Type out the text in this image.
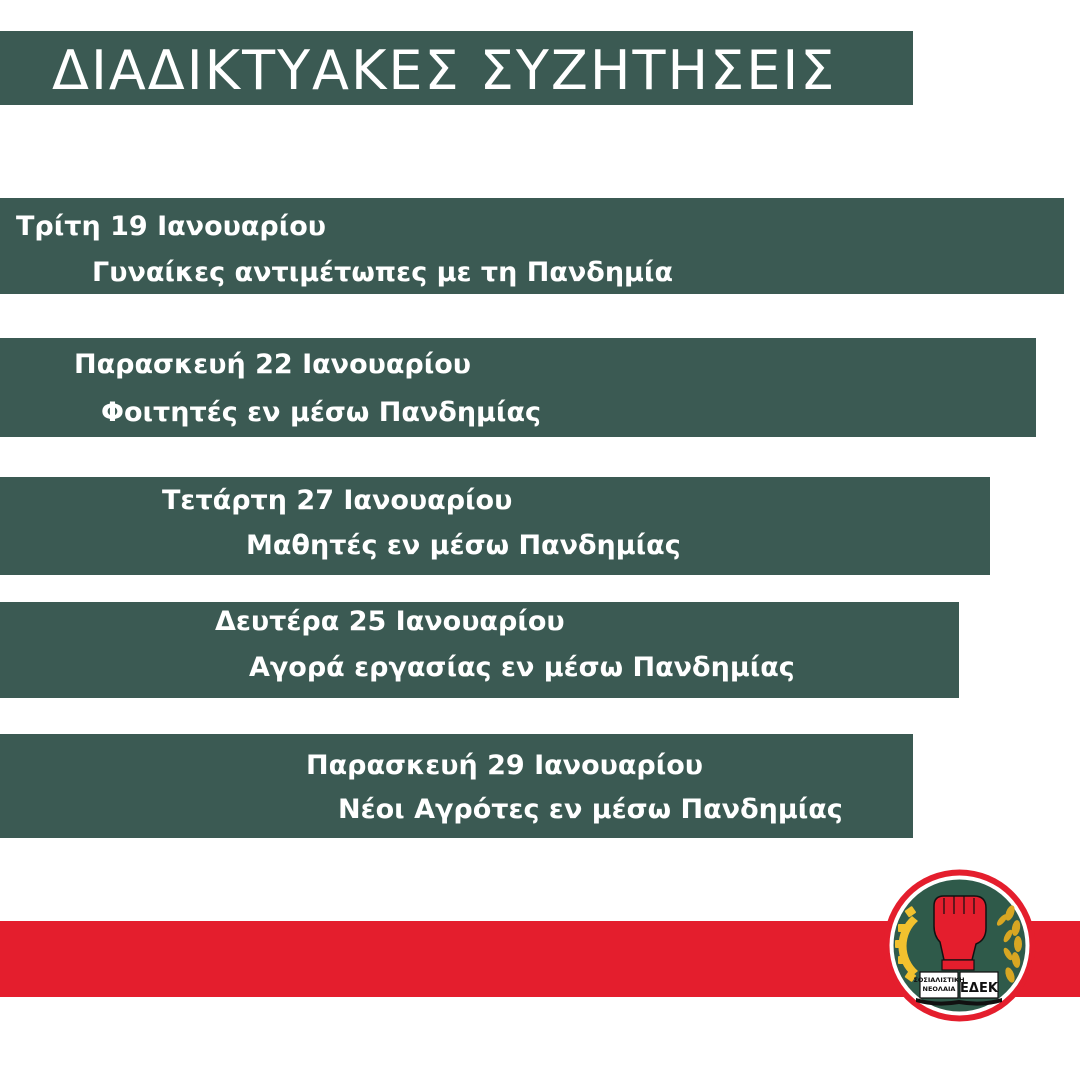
ΔΙΑΔΙΚΤΥΑΚΕΣ ΣΥΖΗΤΗΣΕΙΣ
Τρίτη 19 Ιανουαρίου
Γυναίκες αντιμέτωπες με τη Πανδημία
Παρασκευή 22 Ιανουαρίου
Φοιτητές εν μέσω Πανδημίας
Τετάρτη 27 Ιανουαρίου
Μαθητές εν μέσω Πανδημίας
Δευτέρα 25 Ιανουαρίου
Αγορά εργασίας εν μέσω Πανδημίας
Παρασκευή 29 Ιανουαρίου
Νέοι Αγρότες εν μέσω Πανδημίας
ΣΟΣΙΑΛΙΣΤΙΚΗ
ΝΕΟΛΑΙΑ ΕΔΕΚ
